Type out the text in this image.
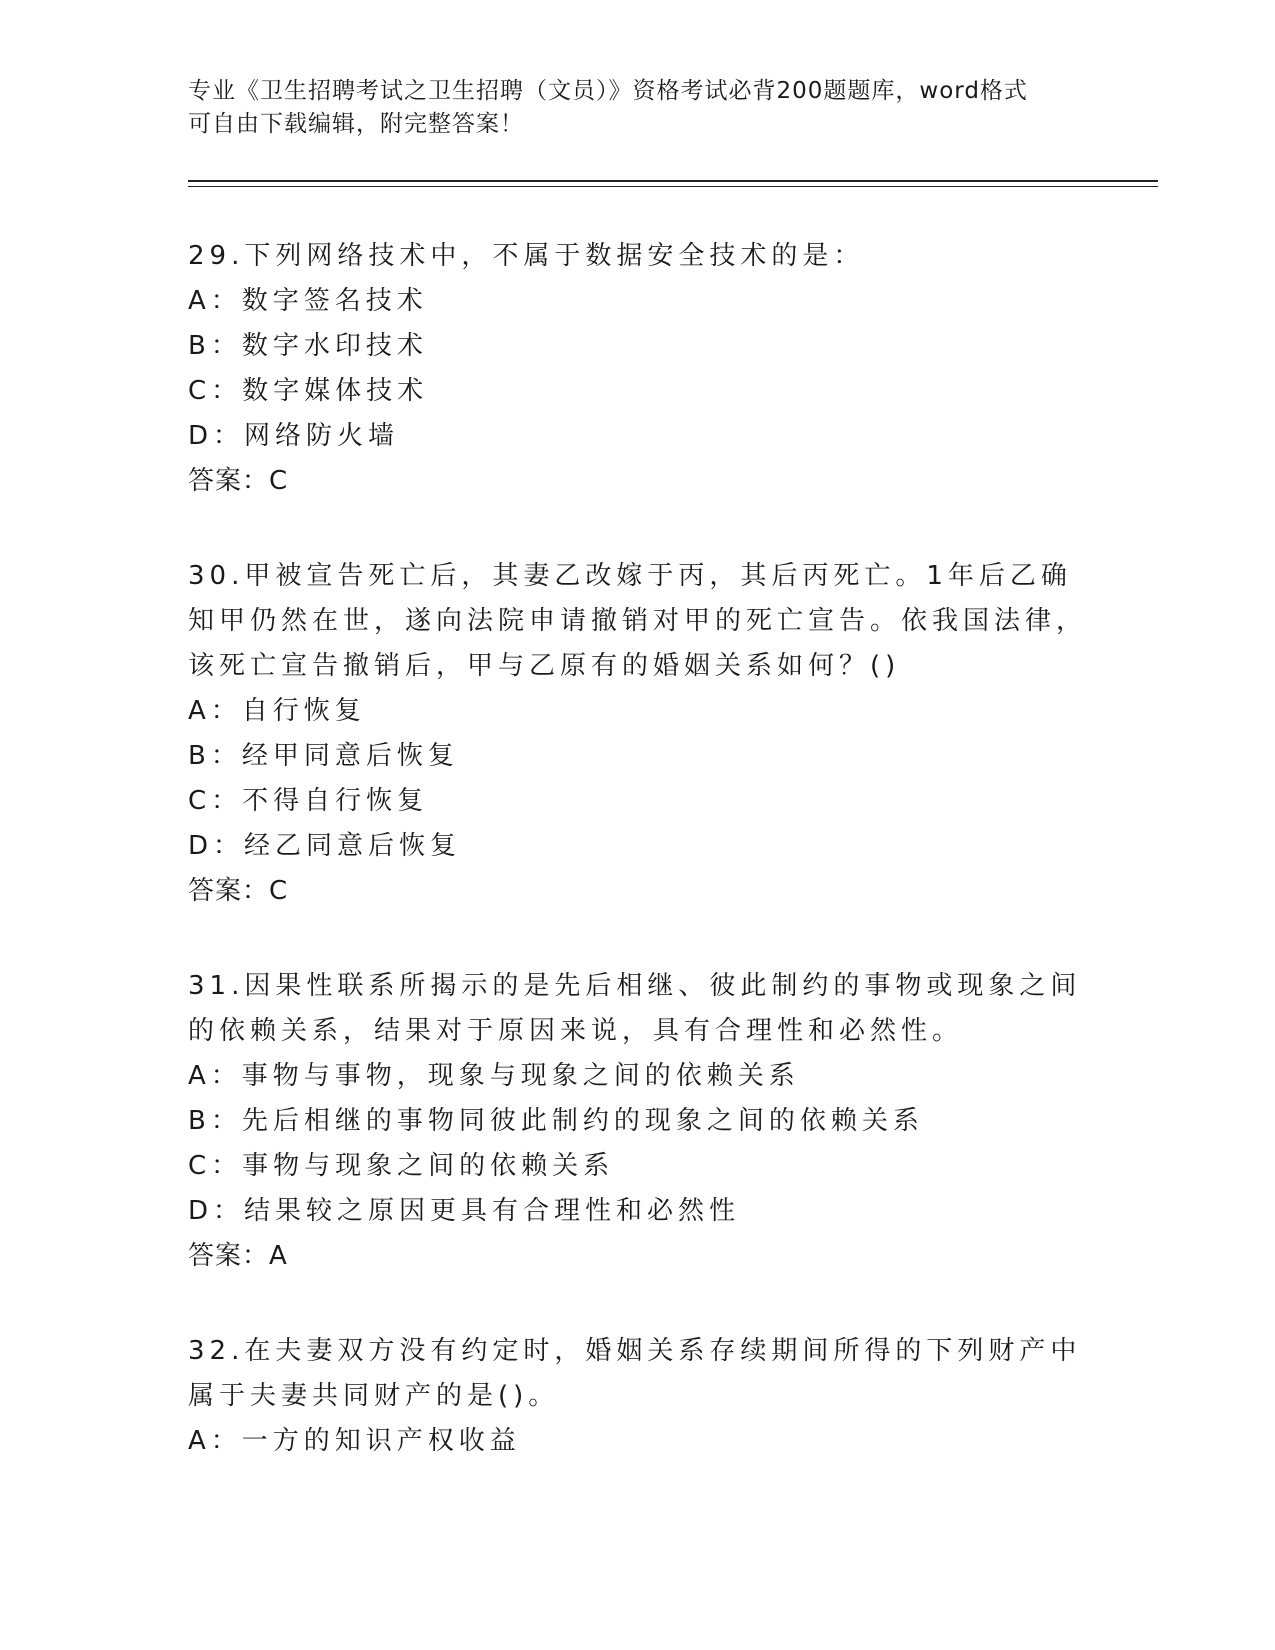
专业《卫生招聘考试之卫生招聘（文员）》资格考试必背200题题库，word格式
可自由下载编辑，附完整答案！

29.下列网络技术中，不属于数据安全技术的是：

A：数字签名技术

B：数字水印技术

C：数字媒体技术

D：网络防火墙

答案：C

30.甲被宣告死亡后，其妻乙改嫁于丙，其后丙死亡。1年后乙确知甲仍然在世，遂向法院申请撤销对甲的死亡宣告。依我国法律，该死亡宣告撤销后，甲与乙原有的婚姻关系如何？()

A：自行恢复

B：经甲同意后恢复

C：不得自行恢复

D：经乙同意后恢复

答案：C

31.因果性联系所揭示的是先后相继、彼此制约的事物或现象之间的依赖关系，结果对于原因来说，具有合理性和必然性。

A：事物与事物，现象与现象之间的依赖关系

B：先后相继的事物同彼此制约的现象之间的依赖关系

C：事物与现象之间的依赖关系

D：结果较之原因更具有合理性和必然性

答案：A

32.在夫妻双方没有约定时，婚姻关系存续期间所得的下列财产中属于夫妻共同财产的是()。

A：一方的知识产权收益
